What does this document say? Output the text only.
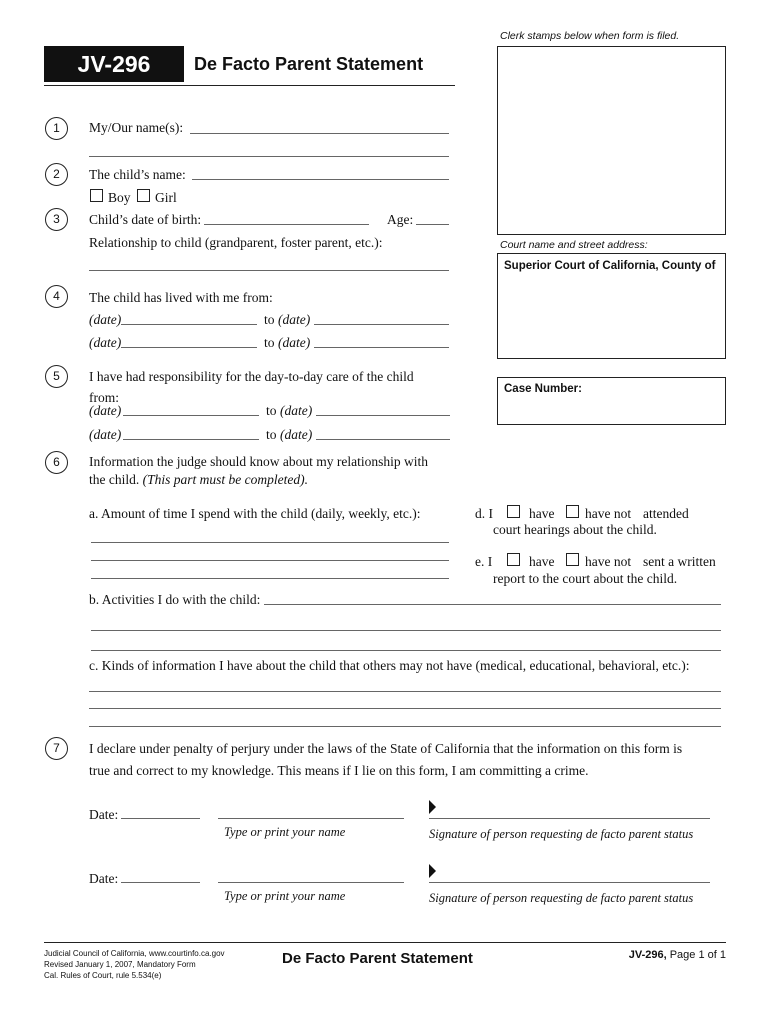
JV-296	De Facto Parent Statement
Clerk stamps below when form is filed.
Court name and street address:
Superior Court of California, County of
Case Number:
1	My/Our name(s):
2	The child’s name:
Boy Girl
3	Child’s date of birth:	Age:
Relationship to child (grandparent, foster parent, etc.):
4	The child has lived with me from:
(date)	to (date)
(date)	to (date)
5	I have had responsibility for the day-to-day care of the child
from:
(date)	to (date)
(date)	to (date)
6	Information the judge should know about my relationship with
the child. (This part must be completed).
a. Amount of time I spend with the child (daily, weekly, etc.):	d. I	have have not attended
court hearings about the child.
e. I	have have not sent a written
report to the court about the child.
b. Activities I do with the child:
c. Kinds of information I have about the child that others may not have (medical, educational, behavioral, etc.):
7	I declare under penalty of perjury under the laws of the State of California that the information on this form is
true and correct to my knowledge. This means if I lie on this form, I am committing a crime.
Date:
Type or print your name	Signature of person requesting de facto parent status
Date:
Type or print your name	Signature of person requesting de facto parent status
Judicial Council of California, www.courtinfo.ca.gov
Revised January 1, 2007, Mandatory Form
Cal. Rules of Court, rule 5.534(e)
De Facto Parent Statement	JV-296, Page 1 of 1
